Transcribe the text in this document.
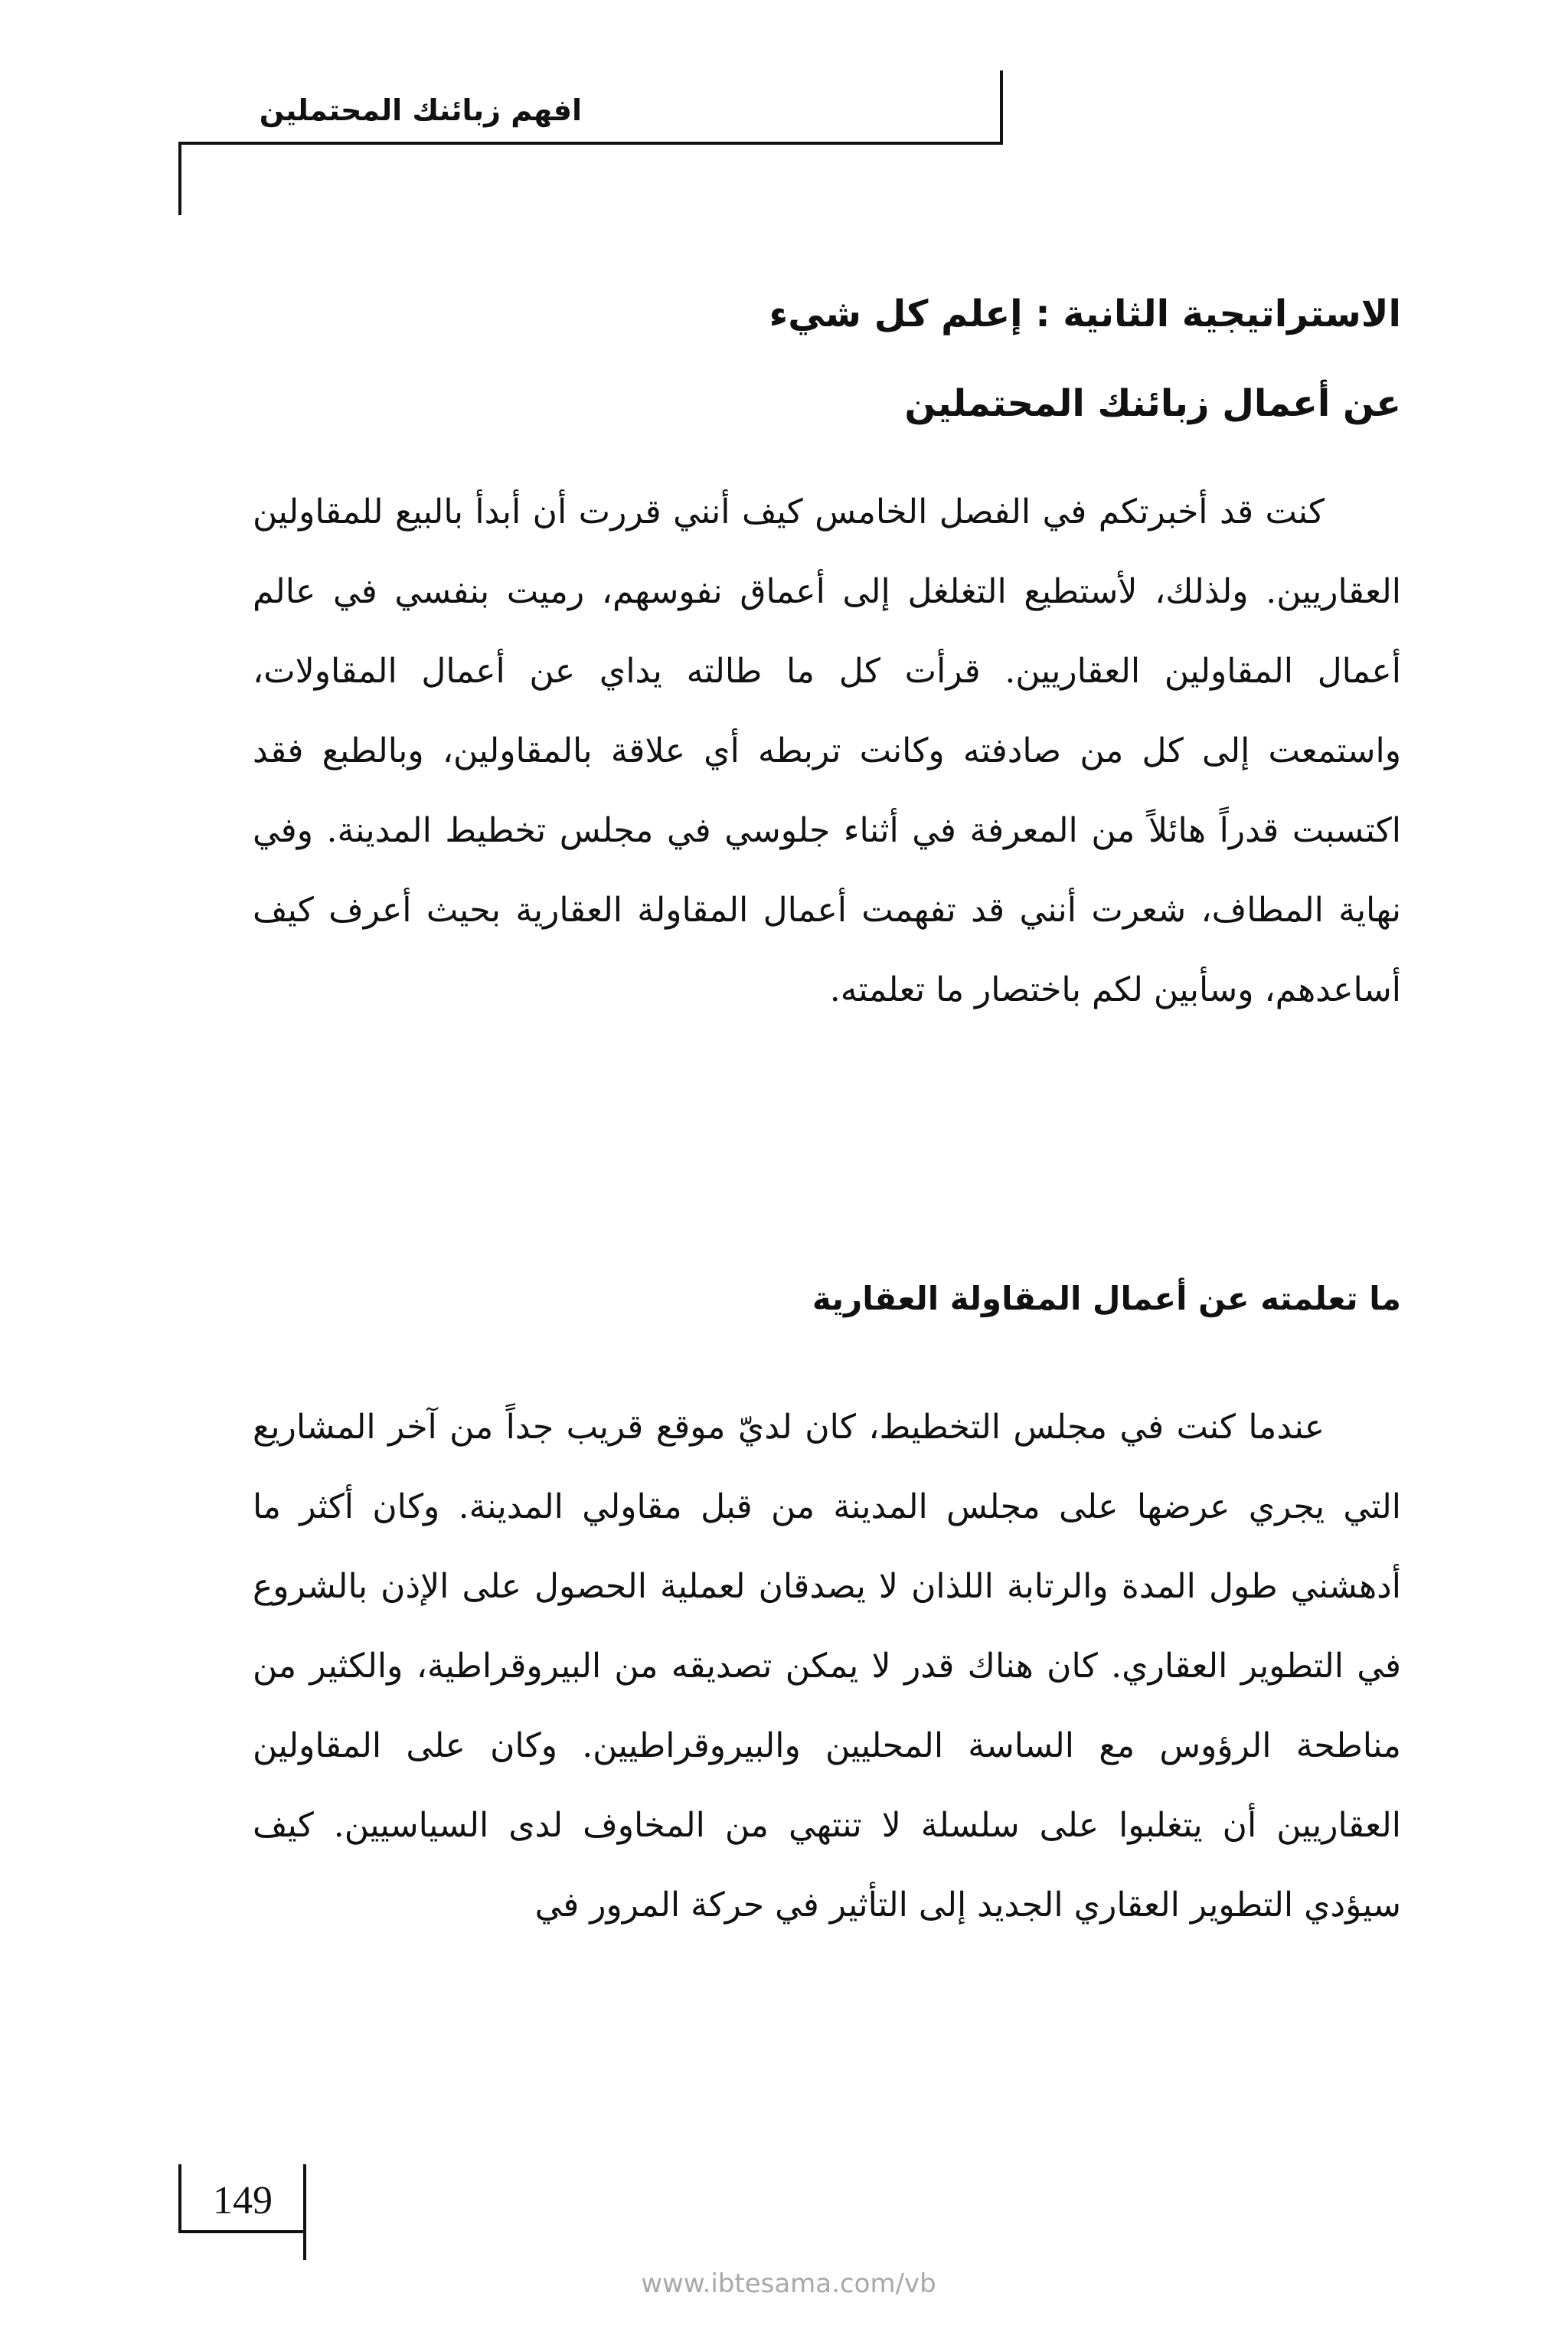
افهم زبائنك المحتملين
الاستراتيجية الثانية : إعلم كل شيء
عن أعمال زبائنك المحتملين

كنت قد أخبرتكم في الفصل الخامس كيف أنني قررت أن أبدأ بالبيع للمقاولين العقاريين. ولذلك، لأستطيع التغلغل إلى أعماق نفوسهم، رميت بنفسي في عالم أعمال المقاولين العقاريين. قرأت كل ما طالته يداي عن أعمال المقاولات، واستمعت إلى كل من صادفته وكانت تربطه أي علاقة بالمقاولين، وبالطبع فقد اكتسبت قدراً هائلاً من المعرفة في أثناء جلوسي في مجلس تخطيط المدينة. وفي نهاية المطاف، شعرت أنني قد تفهمت أعمال المقاولة العقارية بحيث أعرف كيف أساعدهم، وسأبين لكم باختصار ما تعلمته.

ما تعلمته عن أعمال المقاولة العقارية

عندما كنت في مجلس التخطيط، كان لديّ موقع قريب جداً من آخر المشاريع التي يجري عرضها على مجلس المدينة من قبل مقاولي المدينة. وكان أكثر ما أدهشني طول المدة والرتابة اللذان لا يصدقان لعملية الحصول على الإذن بالشروع في التطوير العقاري. كان هناك قدر لا يمكن تصديقه من البيروقراطية، والكثير من مناطحة الرؤوس مع الساسة المحليين والبيروقراطيين. وكان على المقاولين العقاريين أن يتغلبوا على سلسلة لا تنتهي من المخاوف لدى السياسيين. كيف سيؤدي التطوير العقاري الجديد إلى التأثير في حركة المرور في

149
www.ibtesama.com/vb
